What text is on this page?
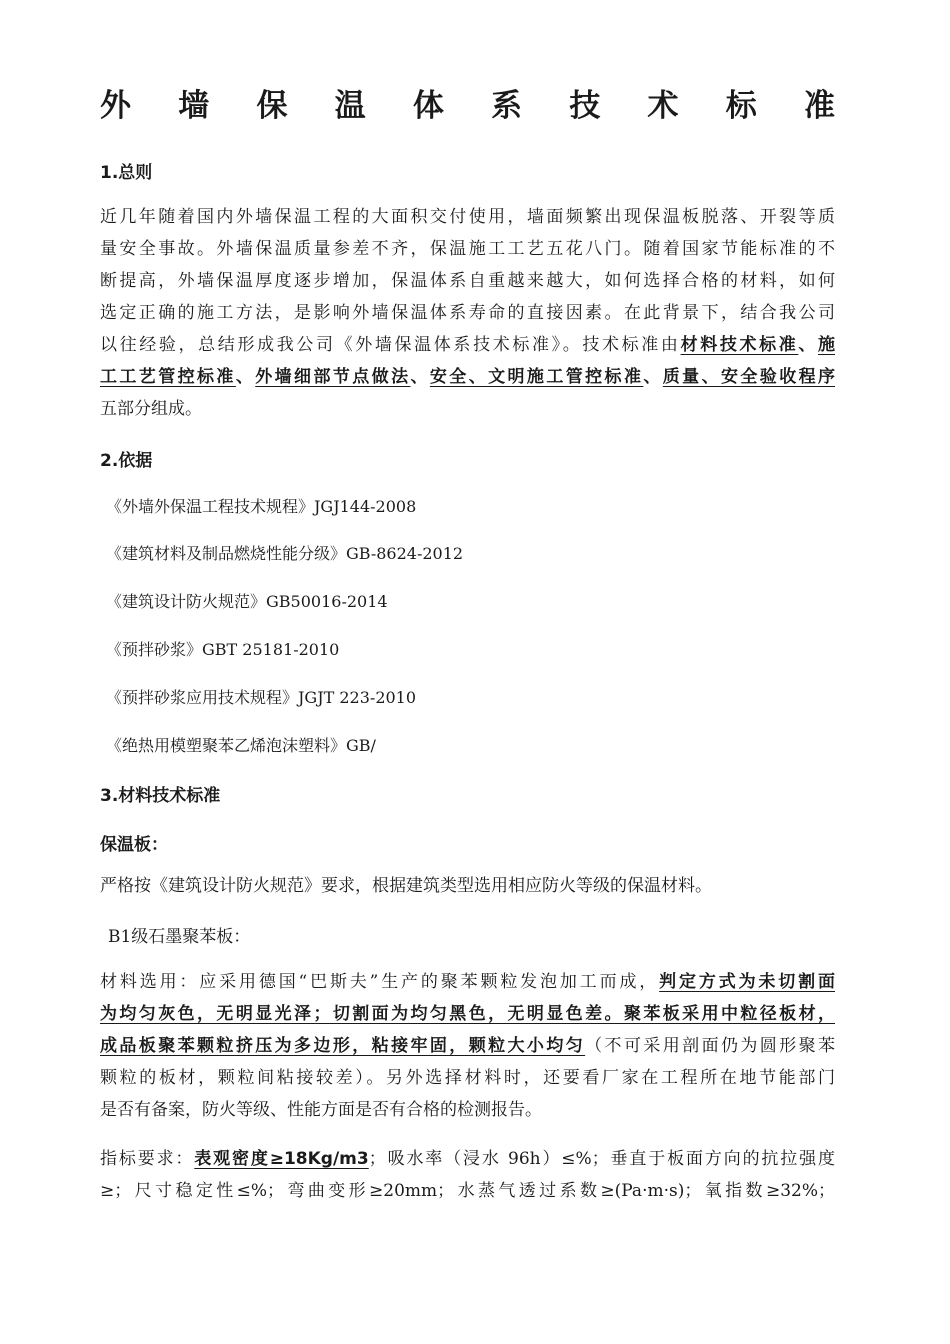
外 墙 保 温 体 系 技 术 标 准
1.总则
近几年随着国内外墙保温工程的大面积交付使用，墙面频繁出现保温板脱落、开裂等质
量安全事故。外墙保温质量参差不齐，保温施工工艺五花八门。随着国家节能标准的不
断提高，外墙保温厚度逐步增加，保温体系自重越来越大，如何选择合格的材料，如何
选定正确的施工方法，是影响外墙保温体系寿命的直接因素。在此背景下，结合我公司
以往经验，总结形成我公司《外墙保温体系技术标准》。技术标准由材料技术标准、施
工工艺管控标准、外墙细部节点做法、安全、文明施工管控标准、质量、安全验收程序
五部分组成。
2.依据
《外墙外保温工程技术规程》JGJ144-2008
《建筑材料及制品燃烧性能分级》GB-8624-2012
《建筑设计防火规范》GB50016-2014
《预拌砂浆》GBT 25181-2010
《预拌砂浆应用技术规程》JGJT 223-2010
《绝热用模塑聚苯乙烯泡沫塑料》GB/
3.材料技术标准
保温板：
严格按《建筑设计防火规范》要求，根据建筑类型选用相应防火等级的保温材料。
B1级石墨聚苯板：
材料选用：应采用德国“巴斯夫”生产的聚苯颗粒发泡加工而成，判定方式为未切割面
为均匀灰色，无明显光泽；切割面为均匀黑色，无明显色差。聚苯板采用中粒径板材，
成品板聚苯颗粒挤压为多边形，粘接牢固，颗粒大小均匀（不可采用剖面仍为圆形聚苯
颗粒的板材，颗粒间粘接较差）。另外选择材料时，还要看厂家在工程所在地节能部门
是否有备案，防火等级、性能方面是否有合格的检测报告。
指标要求：表观密度≥18Kg/m3；吸水率（浸水 96h）≤%；垂直于板面方向的抗拉强度
≥；尺寸稳定性≤%；弯曲变形≥20mm；水蒸气透过系数≥(Pa·m·s)；氧指数≥32%；
